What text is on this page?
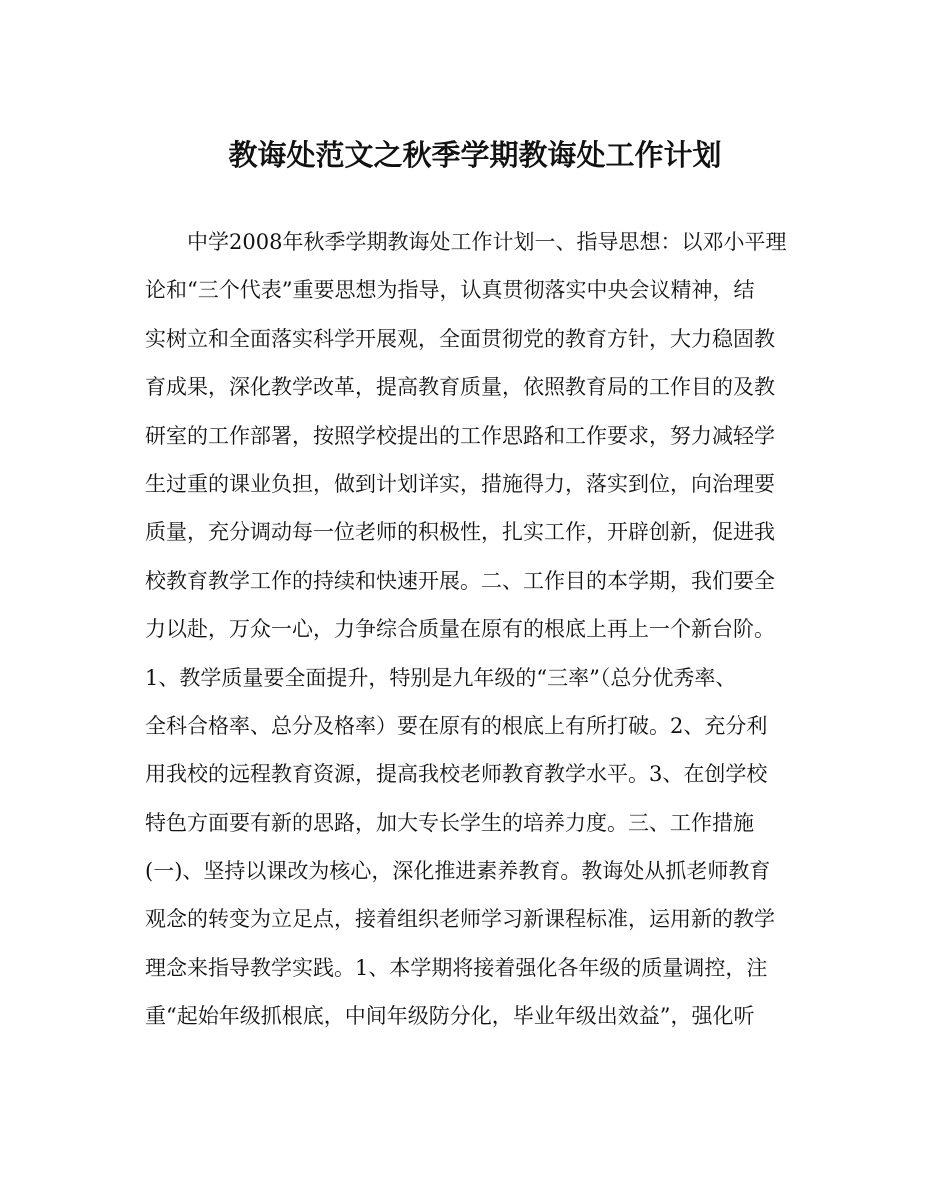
教诲处范文之秋季学期教诲处工作计划
中学2008年秋季学期教诲处工作计划一、指导思想：以邓小平理
论和“三个代表”重要思想为指导，认真贯彻落实中央会议精神，结
实树立和全面落实科学开展观，全面贯彻党的教育方针，大力稳固教
育成果，深化教学改革，提高教育质量，依照教育局的工作目的及教
研室的工作部署，按照学校提出的工作思路和工作要求，努力减轻学
生过重的课业负担，做到计划详实，措施得力，落实到位，向治理要
质量，充分调动每一位老师的积极性，扎实工作，开辟创新，促进我
校教育教学工作的持续和快速开展。二、工作目的本学期，我们要全
力以赴，万众一心，力争综合质量在原有的根底上再上一个新台阶。
1、教学质量要全面提升，特别是九年级的“三率”（总分优秀率、
全科合格率、总分及格率）要在原有的根底上有所打破。2、充分利
用我校的远程教育资源，提高我校老师教育教学水平。3、在创学校
特色方面要有新的思路，加大专长学生的培养力度。三、工作措施
(一)、坚持以课改为核心，深化推进素养教育。教诲处从抓老师教育
观念的转变为立足点，接着组织老师学习新课程标准，运用新的教学
理念来指导教学实践。1、本学期将接着强化各年级的质量调控，注
重“起始年级抓根底，中间年级防分化，毕业年级出效益”，强化听
